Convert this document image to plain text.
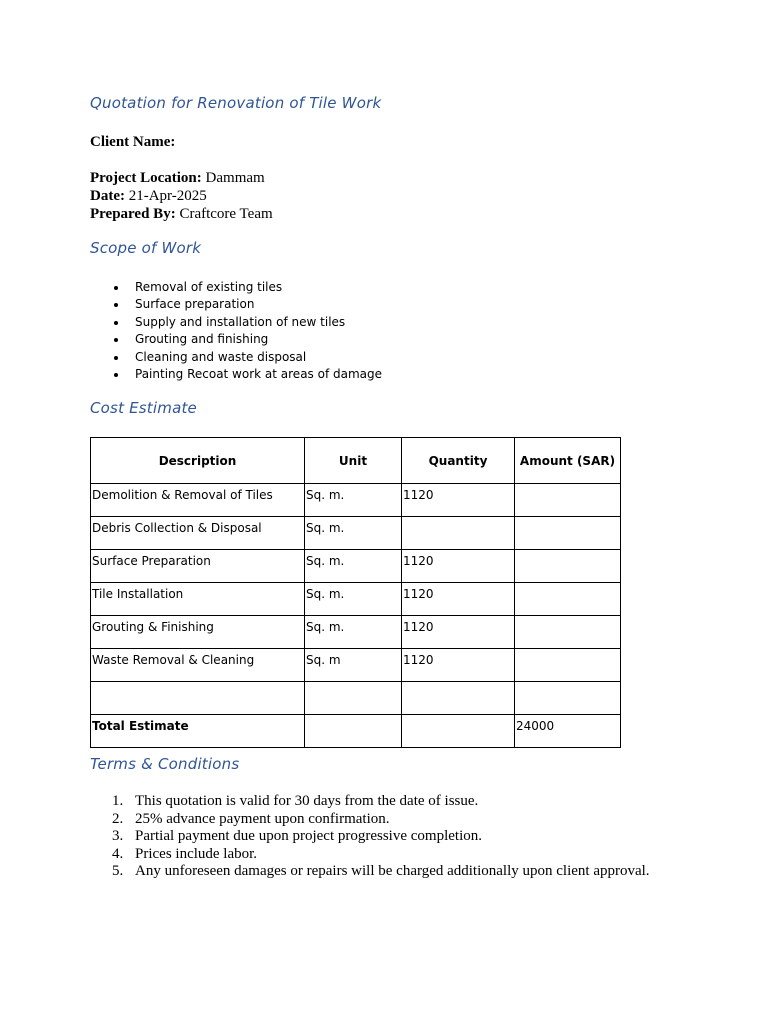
Quotation for Renovation of Tile Work
Client Name:
Project Location: Dammam
Date: 21-Apr-2025
Prepared By: Craftcore Team
Scope of Work
Removal of existing tiles
Surface preparation
Supply and installation of new tiles
Grouting and finishing
Cleaning and waste disposal
Painting Recoat work at areas of damage
Cost Estimate
Description	Unit	Quantity	Amount (SAR)
Demolition & Removal of Tiles	Sq. m.	1120	
Debris Collection & Disposal	Sq. m.		
Surface Preparation	Sq. m.	1120	
Tile Installation	Sq. m.	1120	
Grouting & Finishing	Sq. m.	1120	
Waste Removal & Cleaning	Sq. m	1120	

Total Estimate			24000
Terms & Conditions
1. This quotation is valid for 30 days from the date of issue.
2. 25% advance payment upon confirmation.
3. Partial payment due upon project progressive completion.
4. Prices include labor.
5. Any unforeseen damages or repairs will be charged additionally upon client approval.
